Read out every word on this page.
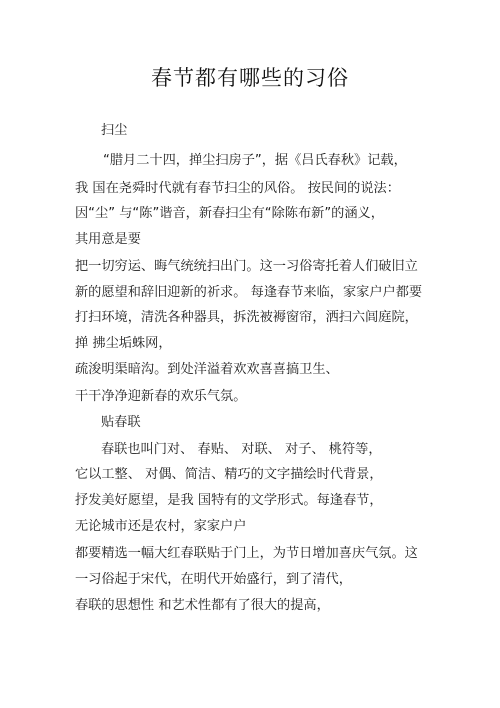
春节都有哪些的习俗
扫尘
“腊月二十四，掸尘扫房子”，据《吕氏春秋》记载，
我 国在尧舜时代就有春节扫尘的风俗。 按民间的说法：
因“尘” 与“陈”谐音，新春扫尘有“除陈布新”的涵义，
其用意是要
把一切穷运、晦气统统扫出门。这一习俗寄托着人们破旧立
新的愿望和辞旧迎新的祈求。 每逢春节来临，家家户户都要
打扫环境，清洗各种器具，拆洗被褥窗帘，洒扫六闾庭院，
掸 拂尘垢蛛网，
疏浚明渠暗沟。到处洋溢着欢欢喜喜搞卫生、
干干净净迎新春的欢乐气氛。
贴春联
春联也叫门对、 春贴、 对联、 对子、 桃符等，
它以工整、 对偶、简洁、精巧的文字描绘时代背景，
抒发美好愿望，是我 国特有的文学形式。每逢春节，
无论城市还是农村，家家户户
都要精选一幅大红春联贴于门上，为节日增加喜庆气氛。这
一习俗起于宋代，在明代开始盛行，到了清代，
春联的思想性 和艺术性都有了很大的提高，
